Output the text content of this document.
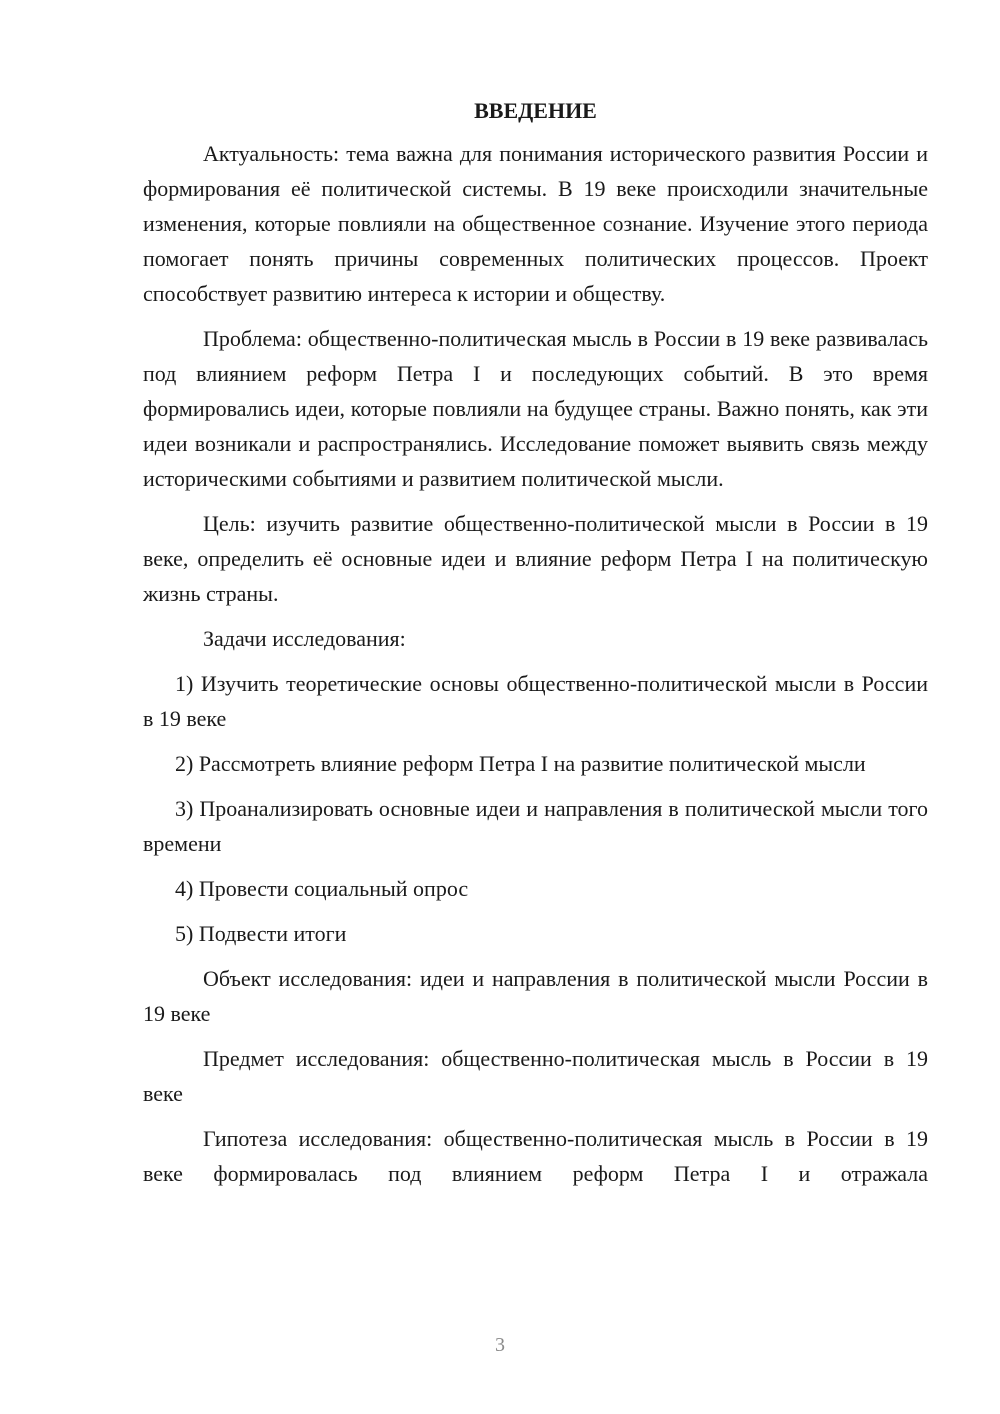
ВВЕДЕНИЕ

Актуальность: тема важна для понимания исторического развития России и формирования её политической системы. В 19 веке происходили значительные изменения, которые повлияли на общественное сознание. Изучение этого периода помогает понять причины современных политических процессов. Проект способствует развитию интереса к истории и обществу.

Проблема: общественно-политическая мысль в России в 19 веке развивалась под влиянием реформ Петра I и последующих событий. В это время формировались идеи, которые повлияли на будущее страны. Важно понять, как эти идеи возникали и распространялись. Исследование поможет выявить связь между историческими событиями и развитием политической мысли.

Цель: изучить развитие общественно-политической мысли в России в 19 веке, определить её основные идеи и влияние реформ Петра I на политическую жизнь страны.

Задачи исследования:

1) Изучить теоретические основы общественно-политической мысли в России в 19 веке

2) Рассмотреть влияние реформ Петра I на развитие политической мысли

3) Проанализировать основные идеи и направления в политической мысли того времени

4) Провести социальный опрос

5) Подвести итоги

Объект исследования: идеи и направления в политической мысли России в 19 веке

Предмет исследования: общественно-политическая мысль в России в 19 веке

Гипотеза исследования: общественно-политическая мысль в России в 19 веке формировалась под влиянием реформ Петра I и отражала

3
